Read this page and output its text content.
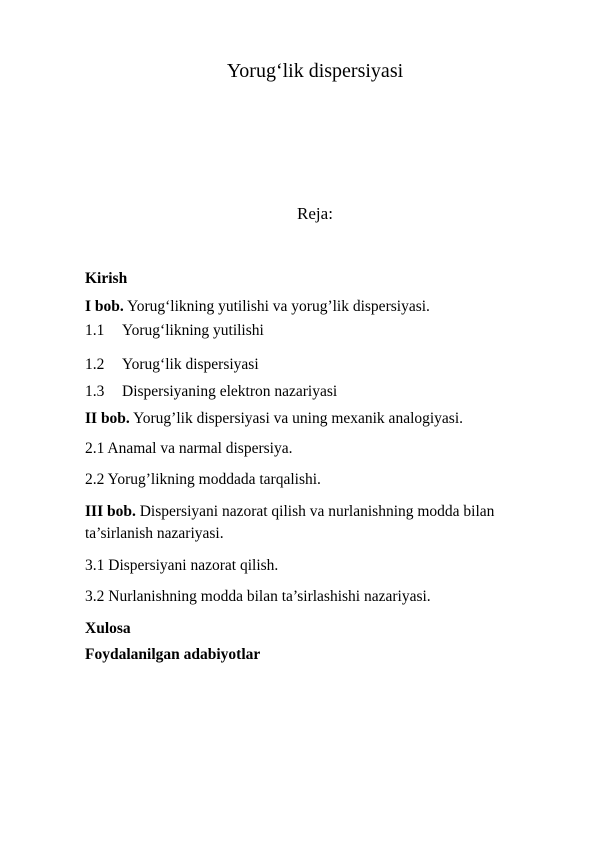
Yorug‘lik dispersiyasi
Reja:
Kirish
I bob. Yorug‘likning yutilishi va yorug’lik dispersiyasi.
1.1 Yorug‘likning yutilishi
1.2 Yorug‘lik dispersiyasi
1.3 Dispersiyaning elektron nazariyasi
II bob. Yorug’lik dispersiyasi va uning mexanik analogiyasi.
2.1 Anamal va narmal dispersiya.
2.2 Yorug’likning moddada tarqalishi.
III bob. Dispersiyani nazorat qilish va nurlanishning modda bilan
ta’sirlanish nazariyasi.
3.1 Dispersiyani nazorat qilish.
3.2 Nurlanishning modda bilan ta’sirlashishi nazariyasi.
Xulosa
Foydalanilgan adabiyotlar
